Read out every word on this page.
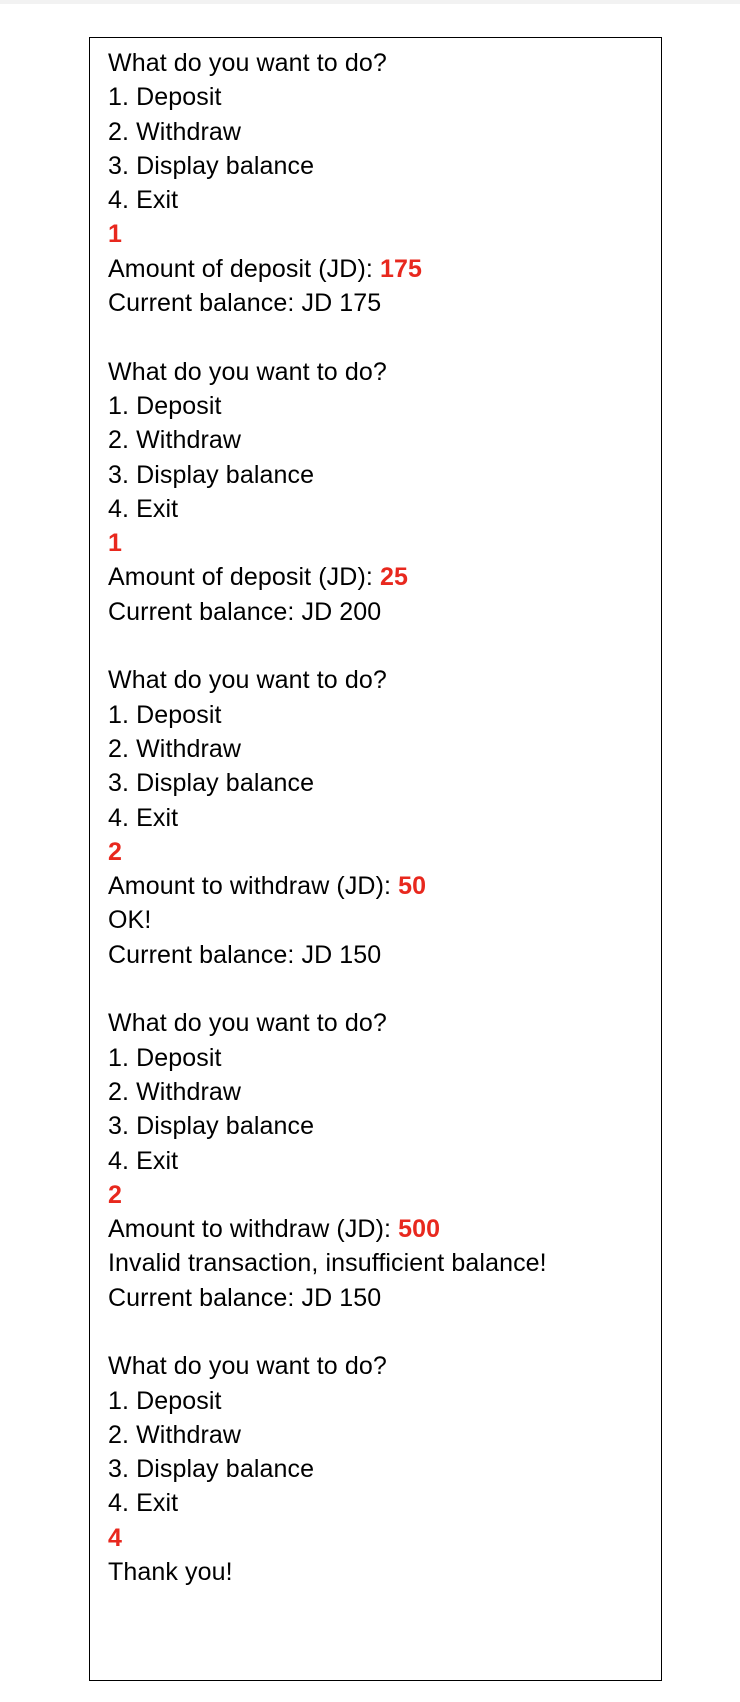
What do you want to do?
1. Deposit
2. Withdraw
3. Display balance
4. Exit
1
Amount of deposit (JD): 175
Current balance: JD 175
What do you want to do?
1. Deposit
2. Withdraw
3. Display balance
4. Exit
1
Amount of deposit (JD): 25
Current balance: JD 200
What do you want to do?
1. Deposit
2. Withdraw
3. Display balance
4. Exit
2
Amount to withdraw (JD): 50
OK!
Current balance: JD 150
What do you want to do?
1. Deposit
2. Withdraw
3. Display balance
4. Exit
2
Amount to withdraw (JD): 500
Invalid transaction, insufficient balance!
Current balance: JD 150
What do you want to do?
1. Deposit
2. Withdraw
3. Display balance
4. Exit
4
Thank you!
